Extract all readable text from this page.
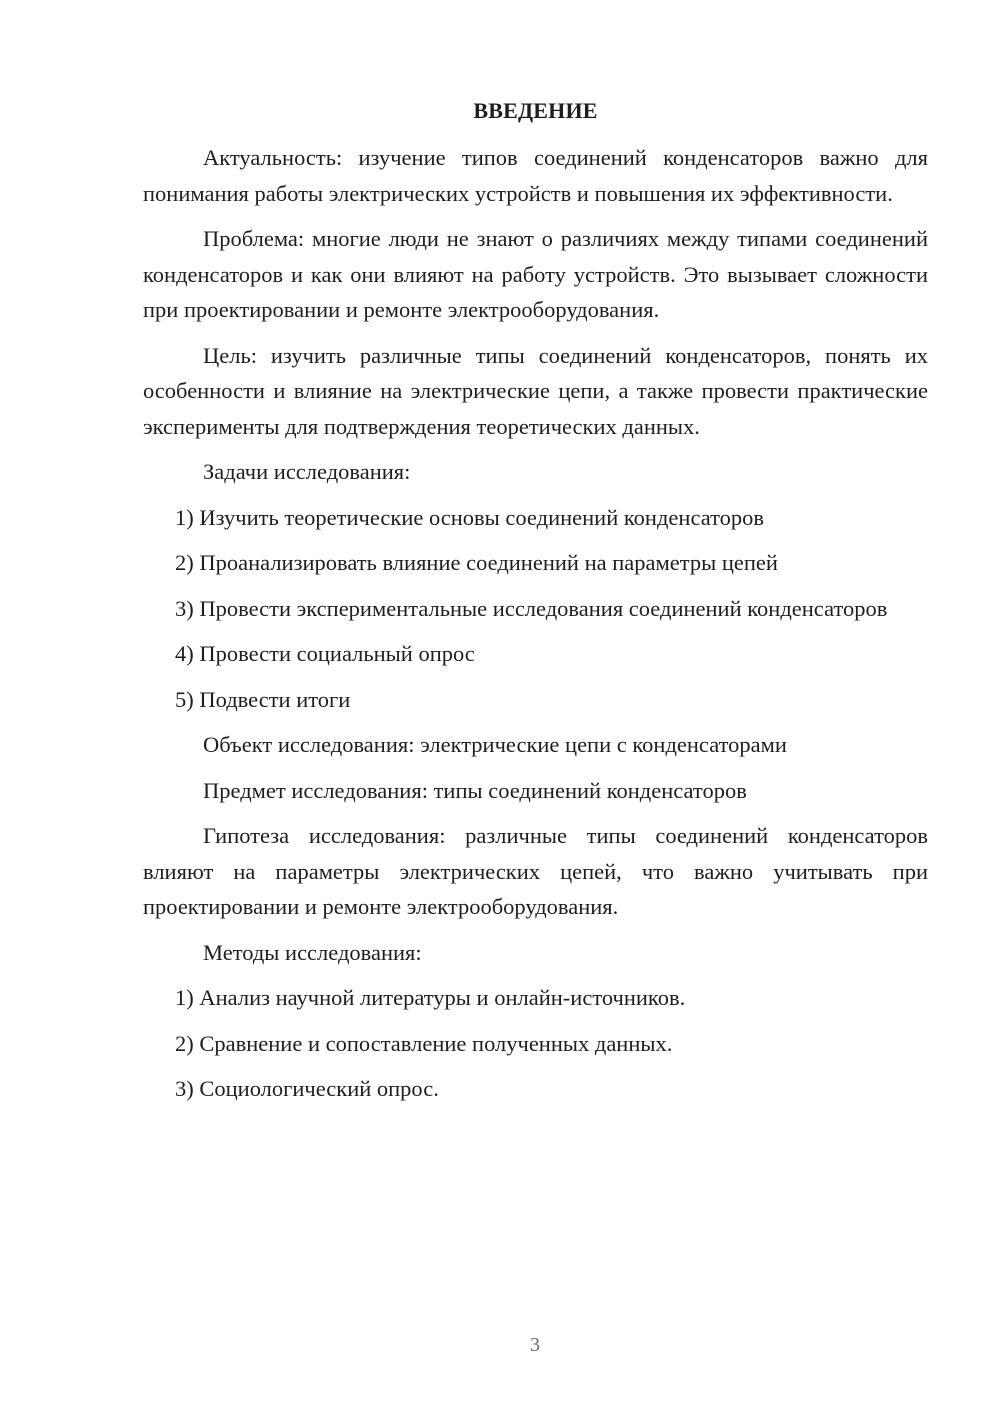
ВВЕДЕНИЕ

Актуальность: изучение типов соединений конденсаторов важно для понимания работы электрических устройств и повышения их эффективности.

Проблема: многие люди не знают о различиях между типами соединений конденсаторов и как они влияют на работу устройств. Это вызывает сложности при проектировании и ремонте электрооборудования.

Цель: изучить различные типы соединений конденсаторов, понять их особенности и влияние на электрические цепи, а также провести практические эксперименты для подтверждения теоретических данных.

Задачи исследования:

1) Изучить теоретические основы соединений конденсаторов

2) Проанализировать влияние соединений на параметры цепей

3) Провести экспериментальные исследования соединений конденсаторов

4) Провести социальный опрос

5) Подвести итоги

Объект исследования: электрические цепи с конденсаторами

Предмет исследования: типы соединений конденсаторов

Гипотеза исследования: различные типы соединений конденсаторов влияют на параметры электрических цепей, что важно учитывать при проектировании и ремонте электрооборудования.

Методы исследования:

1) Анализ научной литературы и онлайн-источников.

2) Сравнение и сопоставление полученных данных.

3) Социологический опрос.

3
